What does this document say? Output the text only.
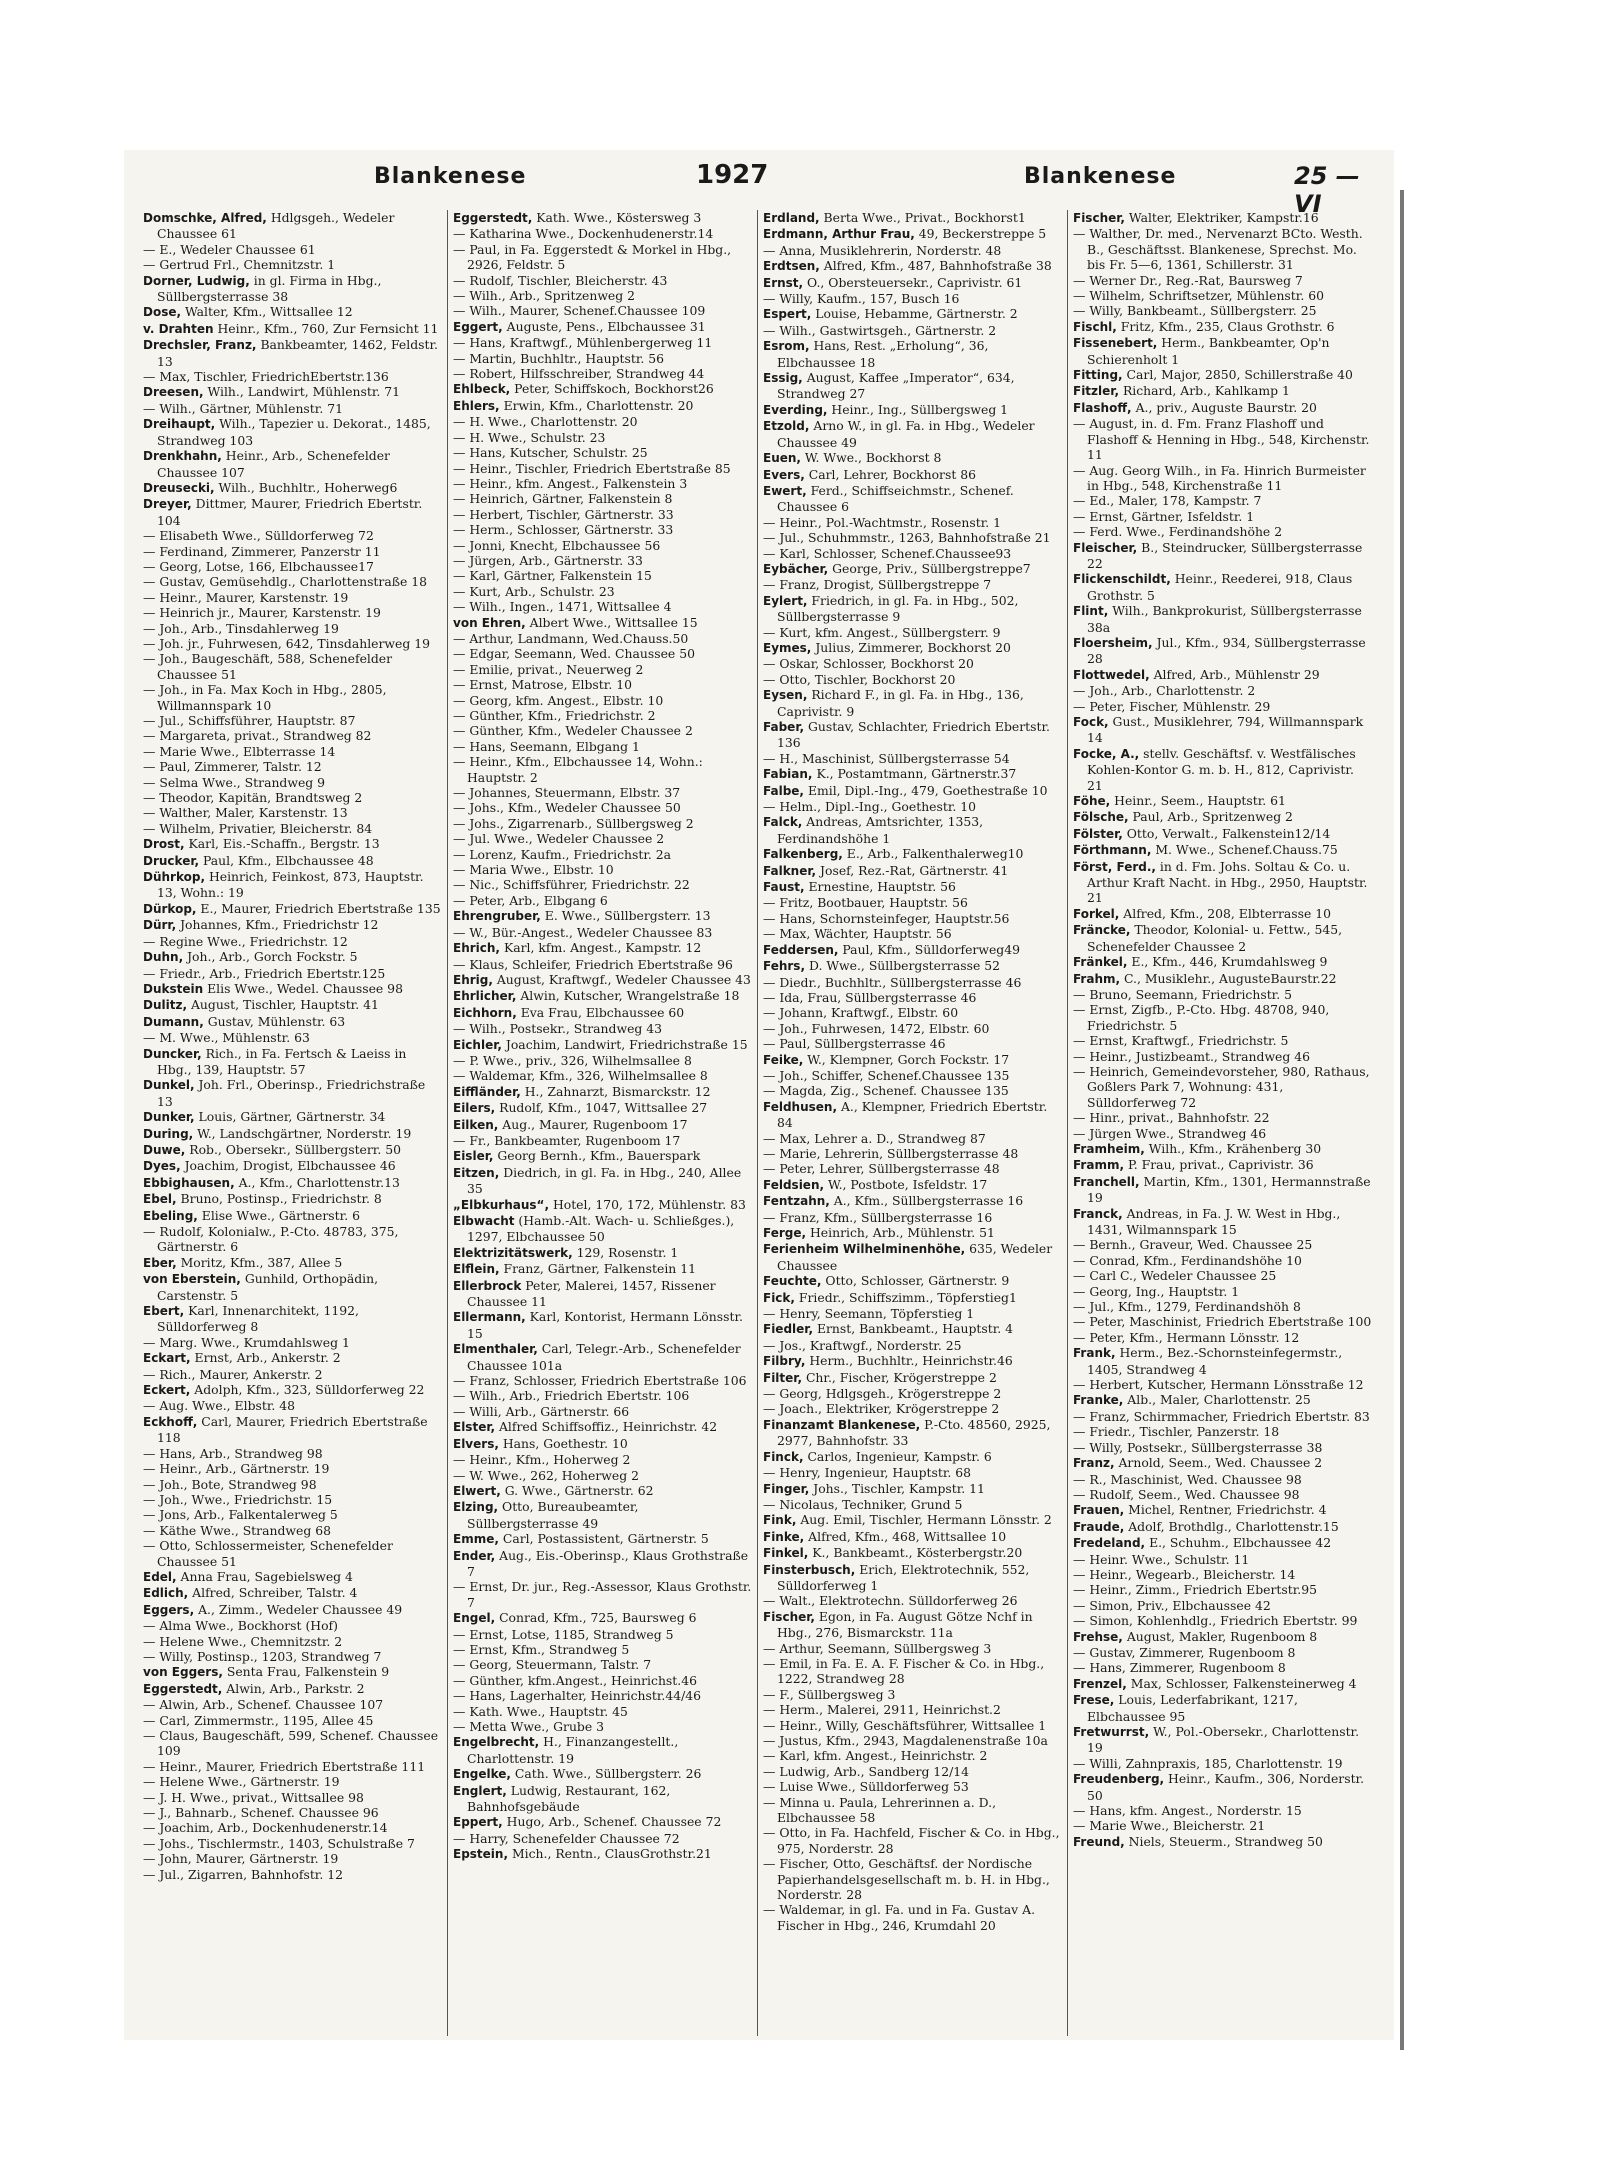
Blankenese	1927	Blankenese	25 — VI

Domschke, Alfred, Hdlgsgeh., Wedeler Chaussee 61

— E., Wedeler Chaussee 61

— Gertrud Frl., Chemnitzstr. 1

Dorner, Ludwig, in gl. Firma in Hbg., Süllbergsterrasse 38

Dose, Walter, Kfm., Wittsallee 12

v. Drahten Heinr., Kfm., 760, Zur Fernsicht 11

Drechsler, Franz, Bankbeamter, 1462, Feldstr. 13

— Max, Tischler, FriedrichEbertstr.136

Dreesen, Wilh., Landwirt, Mühlenstr. 71

— Wilh., Gärtner, Mühlenstr. 71

Dreihaupt, Wilh., Tapezier u. Dekorat., 1485, Strandweg 103

Drenkhahn, Heinr., Arb., Schenefelder Chaussee 107

Dreusecki, Wilh., Buchhltr., Hoherweg6

Dreyer, Dittmer, Maurer, Friedrich Ebertstr. 104

— Elisabeth Wwe., Sülldorferweg 72

— Ferdinand, Zimmerer, Panzerstr 11

— Georg, Lotse, 166, Elbchaussee17

— Gustav, Gemüsehdlg., Charlottenstraße 18

— Heinr., Maurer, Karstenstr. 19

— Heinrich jr., Maurer, Karstenstr. 19

— Joh., Arb., Tinsdahlerweg 19

— Joh. jr., Fuhrwesen, 642, Tinsdahlerweg 19

— Joh., Baugeschäft, 588, Schenefelder Chaussee 51

— Joh., in Fa. Max Koch in Hbg., 2805, Willmannspark 10

— Jul., Schiffsführer, Hauptstr. 87

— Margareta, privat., Strandweg 82

— Marie Wwe., Elbterrasse 14

— Paul, Zimmerer, Talstr. 12

— Selma Wwe., Strandweg 9

— Theodor, Kapitän, Brandtsweg 2

— Walther, Maler, Karstenstr. 13

— Wilhelm, Privatier, Bleicherstr. 84

Drost, Karl, Eis.-Schaffn., Bergstr. 13

Drucker, Paul, Kfm., Elbchaussee 48

Dührkop, Heinrich, Feinkost, 873, Hauptstr. 13, Wohn.: 19

Dürkop, E., Maurer, Friedrich Ebertstraße 135

Dürr, Johannes, Kfm., Friedrichstr 12

— Regine Wwe., Friedrichstr. 12

Duhn, Joh., Arb., Gorch Fockstr. 5

— Friedr., Arb., Friedrich Ebertstr.125

Dukstein Elis Wwe., Wedel. Chaussee 98

Dulitz, August, Tischler, Hauptstr. 41

Dumann, Gustav, Mühlenstr. 63

— M. Wwe., Mühlenstr. 63

Duncker, Rich., in Fa. Fertsch & Laeiss in Hbg., 139, Hauptstr. 57

Dunkel, Joh. Frl., Oberinsp., Friedrichstraße 13

Dunker, Louis, Gärtner, Gärtnerstr. 34

During, W., Landschgärtner, Norderstr. 19

Duwe, Rob., Obersekr., Süllbergsterr. 50

Dyes, Joachim, Drogist, Elbchaussee 46

Ebbighausen, A., Kfm., Charlottenstr.13

Ebel, Bruno, Postinsp., Friedrichstr. 8

Ebeling, Elise Wwe., Gärtnerstr. 6

— Rudolf, Kolonialw., P.-Cto. 48783, 375, Gärtnerstr. 6

Eber, Moritz, Kfm., 387, Allee 5

von Eberstein, Gunhild, Orthopädin, Carstenstr. 5

Ebert, Karl, Innenarchitekt, 1192, Sülldorferweg 8

— Marg. Wwe., Krumdahlsweg 1

Eckart, Ernst, Arb., Ankerstr. 2

— Rich., Maurer, Ankerstr. 2

Eckert, Adolph, Kfm., 323, Sülldorferweg 22

— Aug. Wwe., Elbstr. 48

Eckhoff, Carl, Maurer, Friedrich Ebertstraße 118

— Hans, Arb., Strandweg 98

— Heinr., Arb., Gärtnerstr. 19

— Joh., Bote, Strandweg 98

— Joh., Wwe., Friedrichstr. 15

— Jons, Arb., Falkentalerweg 5

— Käthe Wwe., Strandweg 68

— Otto, Schlossermeister, Schenefelder Chaussee 51

Edel, Anna Frau, Sagebielsweg 4

Edlich, Alfred, Schreiber, Talstr. 4

Eggers, A., Zimm., Wedeler Chaussee 49

— Alma Wwe., Bockhorst (Hof)

— Helene Wwe., Chemnitzstr. 2

— Willy, Postinsp., 1203, Strandweg 7

von Eggers, Senta Frau, Falkenstein 9

Eggerstedt, Alwin, Arb., Parkstr. 2

— Alwin, Arb., Schenef. Chaussee 107

— Carl, Zimmermstr., 1195, Allee 45

— Claus, Baugeschäft, 599, Schenef. Chaussee 109

— Heinr., Maurer, Friedrich Ebertstraße 111

— Helene Wwe., Gärtnerstr. 19

— J. H. Wwe., privat., Wittsallee 98

— J., Bahnarb., Schenef. Chaussee 96

— Joachim, Arb., Dockenhudenerstr.14

— Johs., Tischlermstr., 1403, Schulstraße 7

— John, Maurer, Gärtnerstr. 19

— Jul., Zigarren, Bahnhofstr. 12

Eggerstedt, Kath. Wwe., Köstersweg 3

— Katharina Wwe., Dockenhudenerstr.14

— Paul, in Fa. Eggerstedt & Morkel in Hbg., 2926, Feldstr. 5

— Rudolf, Tischler, Bleicherstr. 43

— Wilh., Arb., Spritzenweg 2

— Wilh., Maurer, Schenef.Chaussee 109

Eggert, Auguste, Pens., Elbchaussee 31

— Hans, Kraftwgf., Mühlenbergerweg 11

— Martin, Buchhltr., Hauptstr. 56

— Robert, Hilfsschreiber, Strandweg 44

Ehlbeck, Peter, Schiffskoch, Bockhorst26

Ehlers, Erwin, Kfm., Charlottenstr. 20

— H. Wwe., Charlottenstr. 20

— H. Wwe., Schulstr. 23

— Hans, Kutscher, Schulstr. 25

— Heinr., Tischler, Friedrich Ebertstraße 85

— Heinr., kfm. Angest., Falkenstein 3

— Heinrich, Gärtner, Falkenstein 8

— Herbert, Tischler, Gärtnerstr. 33

— Herm., Schlosser, Gärtnerstr. 33

— Jonni, Knecht, Elbchaussee 56

— Jürgen, Arb., Gärtnerstr. 33

— Karl, Gärtner, Falkenstein 15

— Kurt, Arb., Schulstr. 23

— Wilh., Ingen., 1471, Wittsallee 4

von Ehren, Albert Wwe., Wittsallee 15

— Arthur, Landmann, Wed.Chauss.50

— Edgar, Seemann, Wed. Chaussee 50

— Emilie, privat., Neuerweg 2

— Ernst, Matrose, Elbstr. 10

— Georg, kfm. Angest., Elbstr. 10

— Günther, Kfm., Friedrichstr. 2

— Günther, Kfm., Wedeler Chaussee 2

— Hans, Seemann, Elbgang 1

— Heinr., Kfm., Elbchaussee 14, Wohn.: Hauptstr. 2

— Johannes, Steuermann, Elbstr. 37

— Johs., Kfm., Wedeler Chaussee 50

— Johs., Zigarrenarb., Süllbergsweg 2

— Jul. Wwe., Wedeler Chaussee 2

— Lorenz, Kaufm., Friedrichstr. 2a

— Maria Wwe., Elbstr. 10

— Nic., Schiffsführer, Friedrichstr. 22

— Peter, Arb., Elbgang 6

Ehrengruber, E. Wwe., Süllbergsterr. 13

— W., Bür.-Angest., Wedeler Chaussee 83

Ehrich, Karl, kfm. Angest., Kampstr. 12

— Klaus, Schleifer, Friedrich Ebertstraße 96

Ehrig, August, Kraftwgf., Wedeler Chaussee 43

Ehrlicher, Alwin, Kutscher, Wrangelstraße 18

Eichhorn, Eva Frau, Elbchaussee 60

— Wilh., Postsekr., Strandweg 43

Eichler, Joachim, Landwirt, Friedrichstraße 15

— P. Wwe., priv., 326, Wilhelmsallee 8

— Waldemar, Kfm., 326, Wilhelmsallee 8

Eiffländer, H., Zahnarzt, Bismarckstr. 12

Eilers, Rudolf, Kfm., 1047, Wittsallee 27

Eilken, Aug., Maurer, Rugenboom 17

— Fr., Bankbeamter, Rugenboom 17

Eisler, Georg Bernh., Kfm., Bauerspark

Eitzen, Diedrich, in gl. Fa. in Hbg., 240, Allee 35

„Elbkurhaus“, Hotel, 170, 172, Mühlenstr. 83

Elbwacht (Hamb.-Alt. Wach- u. Schließges.), 1297, Elbchaussee 50

Elektrizitätswerk, 129, Rosenstr. 1

Elflein, Franz, Gärtner, Falkenstein 11

Ellerbrock Peter, Malerei, 1457, Rissener Chaussee 11

Ellermann, Karl, Kontorist, Hermann Lönsstr. 15

Elmenthaler, Carl, Telegr.-Arb., Schenefelder Chaussee 101a

— Franz, Schlosser, Friedrich Ebertstraße 106

— Wilh., Arb., Friedrich Ebertstr. 106

— Willi, Arb., Gärtnerstr. 66

Elster, Alfred Schiffsoffiz., Heinrichstr. 42

Elvers, Hans, Goethestr. 10

— Heinr., Kfm., Hoherweg 2

— W. Wwe., 262, Hoherweg 2

Elwert, G. Wwe., Gärtnerstr. 62

Elzing, Otto, Bureaubeamter, Süllbergsterrasse 49

Emme, Carl, Postassistent, Gärtnerstr. 5

Ender, Aug., Eis.-Oberinsp., Klaus Grothstraße 7

— Ernst, Dr. jur., Reg.-Assessor, Klaus Grothstr. 7

Engel, Conrad, Kfm., 725, Baursweg 6

— Ernst, Lotse, 1185, Strandweg 5

— Ernst, Kfm., Strandweg 5

— Georg, Steuermann, Talstr. 7

— Günther, kfm.Angest., Heinrichst.46

— Hans, Lagerhalter, Heinrichstr.44/46

— Kath. Wwe., Hauptstr. 45

— Metta Wwe., Grube 3

Engelbrecht, H., Finanzangestellt., Charlottenstr. 19

Engelke, Cath. Wwe., Süllbergsterr. 26

Englert, Ludwig, Restaurant, 162, Bahnhofsgebäude

Eppert, Hugo, Arb., Schenef. Chaussee 72

— Harry, Schenefelder Chaussee 72

Epstein, Mich., Rentn., ClausGrothstr.21

Erdland, Berta Wwe., Privat., Bockhorst1

Erdmann, Arthur Frau, 49, Beckerstreppe 5

— Anna, Musiklehrerin, Norderstr. 48

Erdtsen, Alfred, Kfm., 487, Bahnhofstraße 38

Ernst, O., Obersteuersekr., Caprivistr. 61

— Willy, Kaufm., 157, Busch 16

Espert, Louise, Hebamme, Gärtnerstr. 2

— Wilh., Gastwirtsgeh., Gärtnerstr. 2

Esrom, Hans, Rest. „Erholung“, 36, Elbchaussee 18

Essig, August, Kaffee „Imperator“, 634, Strandweg 27

Everding, Heinr., Ing., Süllbergsweg 1

Etzold, Arno W., in gl. Fa. in Hbg., Wedeler Chaussee 49

Euen, W. Wwe., Bockhorst 8

Evers, Carl, Lehrer, Bockhorst 86

Ewert, Ferd., Schiffseichmstr., Schenef. Chaussee 6

— Heinr., Pol.-Wachtmstr., Rosenstr. 1

— Jul., Schuhmmstr., 1263, Bahnhofstraße 21

— Karl, Schlosser, Schenef.Chaussee93

Eybächer, George, Priv., Süllbergstreppe7

— Franz, Drogist, Süllbergstreppe 7

Eylert, Friedrich, in gl. Fa. in Hbg., 502, Süllbergsterrasse 9

— Kurt, kfm. Angest., Süllbergsterr. 9

Eymes, Julius, Zimmerer, Bockhorst 20

— Oskar, Schlosser, Bockhorst 20

— Otto, Tischler, Bockhorst 20

Eysen, Richard F., in gl. Fa. in Hbg., 136, Caprivistr. 9

Faber, Gustav, Schlachter, Friedrich Ebertstr. 136

— H., Maschinist, Süllbergsterrasse 54

Fabian, K., Postamtmann, Gärtnerstr.37

Falbe, Emil, Dipl.-Ing., 479, Goethestraße 10

— Helm., Dipl.-Ing., Goethestr. 10

Falck, Andreas, Amtsrichter, 1353, Ferdinandshöhe 1

Falkenberg, E., Arb., Falkenthalerweg10

Falkner, Josef, Rez.-Rat, Gärtnerstr. 41

Faust, Ernestine, Hauptstr. 56

— Fritz, Bootbauer, Hauptstr. 56

— Hans, Schornsteinfeger, Hauptstr.56

— Max, Wächter, Hauptstr. 56

Feddersen, Paul, Kfm., Sülldorferweg49

Fehrs, D. Wwe., Süllbergsterrasse 52

— Diedr., Buchhltr., Süllbergsterrasse 46

— Ida, Frau, Süllbergsterrasse 46

— Johann, Kraftwgf., Elbstr. 60

— Joh., Fuhrwesen, 1472, Elbstr. 60

— Paul, Süllbergsterrasse 46

Feike, W., Klempner, Gorch Fockstr. 17

— Joh., Schiffer, Schenef.Chaussee 135

— Magda, Zig., Schenef. Chaussee 135

Feldhusen, A., Klempner, Friedrich Ebertstr. 84

— Max, Lehrer a. D., Strandweg 87

— Marie, Lehrerin, Süllbergsterrasse 48

— Peter, Lehrer, Süllbergsterrasse 48

Feldsien, W., Postbote, Isfeldstr. 17

Fentzahn, A., Kfm., Süllbergsterrasse 16

— Franz, Kfm., Süllbergsterrasse 16

Ferge, Heinrich, Arb., Mühlenstr. 51

Ferienheim Wilhelminenhöhe, 635, Wedeler Chaussee

Feuchte, Otto, Schlosser, Gärtnerstr. 9

Fick, Friedr., Schiffszimm., Töpferstieg1

— Henry, Seemann, Töpferstieg 1

Fiedler, Ernst, Bankbeamt., Hauptstr. 4

— Jos., Kraftwgf., Norderstr. 25

Filbry, Herm., Buchhltr., Heinrichstr.46

Filter, Chr., Fischer, Krögerstreppe 2

— Georg, Hdlgsgeh., Krögerstreppe 2

— Joach., Elektriker, Krögerstreppe 2

Finanzamt Blankenese, P.-Cto. 48560, 2925, 2977, Bahnhofstr. 33

Finck, Carlos, Ingenieur, Kampstr. 6

— Henry, Ingenieur, Hauptstr. 68

Finger, Johs., Tischler, Kampstr. 11

— Nicolaus, Techniker, Grund 5

Fink, Aug. Emil, Tischler, Hermann Lönsstr. 2

Finke, Alfred, Kfm., 468, Wittsallee 10

Finkel, K., Bankbeamt., Kösterbergstr.20

Finsterbusch, Erich, Elektrotechnik, 552, Sülldorferweg 1

— Walt., Elektrotechn. Sülldorferweg 26

Fischer, Egon, in Fa. August Götze Nchf in Hbg., 276, Bismarckstr. 11a

— Arthur, Seemann, Süllbergsweg 3

— Emil, in Fa. E. A. F. Fischer & Co. in Hbg., 1222, Strandweg 28

— F., Süllbergsweg 3

— Herm., Malerei, 2911, Heinrichst.2

— Heinr., Willy, Geschäftsführer, Wittsallee 1

— Justus, Kfm., 2943, Magdalenenstraße 10a

— Karl, kfm. Angest., Heinrichstr. 2

— Ludwig, Arb., Sandberg 12/14

— Luise Wwe., Sülldorferweg 53

— Minna u. Paula, Lehrerinnen a. D., Elbchaussee 58

— Otto, in Fa. Hachfeld, Fischer & Co. in Hbg., 975, Norderstr. 28

— Fischer, Otto, Geschäftsf. der Nordische Papierhandelsgesellschaft m. b. H. in Hbg., Norderstr. 28

— Waldemar, in gl. Fa. und in Fa. Gustav A. Fischer in Hbg., 246, Krumdahl 20

Fischer, Walter, Elektriker, Kampstr.16

— Walther, Dr. med., Nervenarzt BCto. Westh. B., Geschäftsst. Blankenese, Sprechst. Mo. bis Fr. 5—6, 1361, Schillerstr. 31

— Werner Dr., Reg.-Rat, Baursweg 7

— Wilhelm, Schriftsetzer, Mühlenstr. 60

— Willy, Bankbeamt., Süllbergsterr. 25

Fischl, Fritz, Kfm., 235, Claus Grothstr. 6

Fissenebert, Herm., Bankbeamter, Op'n Schierenholt 1

Fitting, Carl, Major, 2850, Schillerstraße 40

Fitzler, Richard, Arb., Kahlkamp 1

Flashoff, A., priv., Auguste Baurstr. 20

— August, in. d. Fm. Franz Flashoff und Flashoff & Henning in Hbg., 548, Kirchenstr. 11

— Aug. Georg Wilh., in Fa. Hinrich Burmeister in Hbg., 548, Kirchenstraße 11

— Ed., Maler, 178, Kampstr. 7

— Ernst, Gärtner, Isfeldstr. 1

— Ferd. Wwe., Ferdinandshöhe 2

Fleischer, B., Steindrucker, Süllbergsterrasse 22

Flickenschildt, Heinr., Reederei, 918, Claus Grothstr. 5

Flint, Wilh., Bankprokurist, Süllbergsterrasse 38a

Floersheim, Jul., Kfm., 934, Süllbergsterrasse 28

Flottwedel, Alfred, Arb., Mühlenstr 29

— Joh., Arb., Charlottenstr. 2

— Peter, Fischer, Mühlenstr. 29

Fock, Gust., Musiklehrer, 794, Willmannspark 14

Focke, A., stellv. Geschäftsf. v. Westfälisches Kohlen-Kontor G. m. b. H., 812, Caprivistr. 21

Föhe, Heinr., Seem., Hauptstr. 61

Fölsche, Paul, Arb., Spritzenweg 2

Fölster, Otto, Verwalt., Falkenstein12/14

Förthmann, M. Wwe., Schenef.Chauss.75

Först, Ferd., in d. Fm. Johs. Soltau & Co. u. Arthur Kraft Nacht. in Hbg., 2950, Hauptstr. 21

Forkel, Alfred, Kfm., 208, Elbterrasse 10

Fräncke, Theodor, Kolonial- u. Fettw., 545, Schenefelder Chaussee 2

Fränkel, E., Kfm., 446, Krumdahlsweg 9

Frahm, C., Musiklehr., AugusteBaurstr.22

— Bruno, Seemann, Friedrichstr. 5

— Ernst, Zigfb., P.-Cto. Hbg. 48708, 940, Friedrichstr. 5

— Ernst, Kraftwgf., Friedrichstr. 5

— Heinr., Justizbeamt., Strandweg 46

— Heinrich, Gemeindevorsteher, 980, Rathaus, Goßlers Park 7, Wohnung: 431, Sülldorferweg 72

— Hinr., privat., Bahnhofstr. 22

— Jürgen Wwe., Strandweg 46

Framheim, Wilh., Kfm., Krähenberg 30

Framm, P. Frau, privat., Caprivistr. 36

Franchell, Martin, Kfm., 1301, Hermannstraße 19

Franck, Andreas, in Fa. J. W. West in Hbg., 1431, Wilmannspark 15

— Bernh., Graveur, Wed. Chaussee 25

— Conrad, Kfm., Ferdinandshöhe 10

— Carl C., Wedeler Chaussee 25

— Georg, Ing., Hauptstr. 1

— Jul., Kfm., 1279, Ferdinandshöh 8

— Peter, Maschinist, Friedrich Ebertstraße 100

— Peter, Kfm., Hermann Lönsstr. 12

Frank, Herm., Bez.-Schornsteinfegermstr., 1405, Strandweg 4

— Herbert, Kutscher, Hermann Lönsstraße 12

Franke, Alb., Maler, Charlottenstr. 25

— Franz, Schirmmacher, Friedrich Ebertstr. 83

— Friedr., Tischler, Panzerstr. 18

— Willy, Postsekr., Süllbergsterrasse 38

Franz, Arnold, Seem., Wed. Chaussee 2

— R., Maschinist, Wed. Chaussee 98

— Rudolf, Seem., Wed. Chaussee 98

Frauen, Michel, Rentner, Friedrichstr. 4

Fraude, Adolf, Brothdlg., Charlottenstr.15

Fredeland, E., Schuhm., Elbchaussee 42

— Heinr. Wwe., Schulstr. 11

— Heinr., Wegearb., Bleicherstr. 14

— Heinr., Zimm., Friedrich Ebertstr.95

— Simon, Priv., Elbchaussee 42

— Simon, Kohlenhdlg., Friedrich Ebertstr. 99

Frehse, August, Makler, Rugenboom 8

— Gustav, Zimmerer, Rugenboom 8

— Hans, Zimmerer, Rugenboom 8

Frenzel, Max, Schlosser, Falkensteinerweg 4

Frese, Louis, Lederfabrikant, 1217, Elbchaussee 95

Fretwurrst, W., Pol.-Obersekr., Charlottenstr. 19

— Willi, Zahnpraxis, 185, Charlottenstr. 19

Freudenberg, Heinr., Kaufm., 306, Norderstr. 50

— Hans, kfm. Angest., Norderstr. 15

— Marie Wwe., Bleicherstr. 21

Freund, Niels, Steuerm., Strandweg 50
